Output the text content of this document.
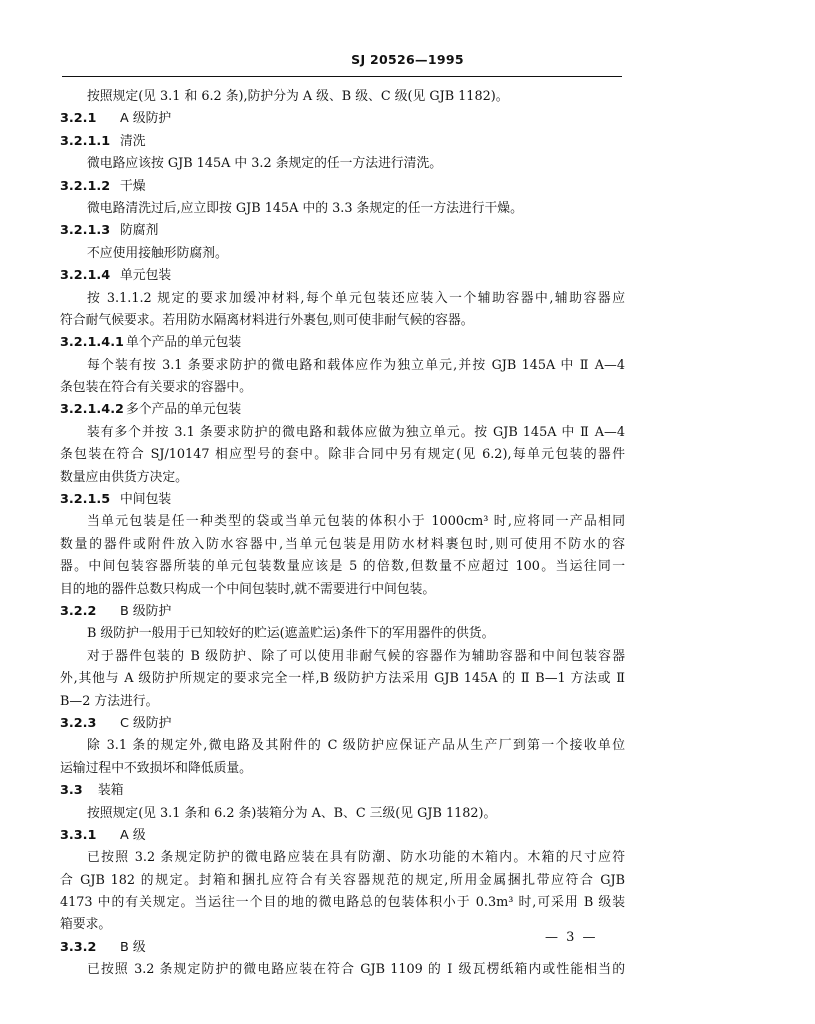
SJ 20526—1995
按照规定(见 3.1 和 6.2 条),防护分为 A 级、B 级、C 级(见 GJB 1182)。
3.2.1 A 级防护
3.2.1.1 清洗
微电路应该按 GJB 145A 中 3.2 条规定的任一方法进行清洗。
3.2.1.2 干燥
微电路清洗过后,应立即按 GJB 145A 中的 3.3 条规定的任一方法进行干燥。
3.2.1.3 防腐剂
不应使用接触形防腐剂。
3.2.1.4 单元包装
按 3.1.1.2 规定的要求加缓冲材料,每个单元包装还应装入一个辅助容器中,辅助容器应
符合耐气候要求。若用防水隔离材料进行外裹包,则可使非耐气候的容器。
3.2.1.4.1 单个产品的单元包装
每个装有按 3.1 条要求防护的微电路和载体应作为独立单元,并按 GJB 145A 中 Ⅱ A—4
条包装在符合有关要求的容器中。
3.2.1.4.2 多个产品的单元包装
装有多个并按 3.1 条要求防护的微电路和载体应做为独立单元。按 GJB 145A 中 Ⅱ A—4
条包装在符合 SJ/10147 相应型号的套中。除非合同中另有规定(见 6.2),每单元包装的器件
数量应由供货方决定。
3.2.1.5 中间包装
当单元包装是任一种类型的袋或当单元包装的体积小于 1000cm³ 时,应将同一产品相同
数量的器件或附件放入防水容器中,当单元包装是用防水材料裹包时,则可使用不防水的容
器。中间包装容器所装的单元包装数量应该是 5 的倍数,但数量不应超过 100。当运往同一
目的地的器件总数只构成一个中间包装时,就不需要进行中间包装。
3.2.2 B 级防护
B 级防护一般用于已知较好的贮运(遮盖贮运)条件下的军用器件的供货。
对于器件包装的 B 级防护、除了可以使用非耐气候的容器作为辅助容器和中间包装容器
外,其他与 A 级防护所规定的要求完全一样,B 级防护方法采用 GJB 145A 的 Ⅱ B—1 方法或 Ⅱ
B—2 方法进行。
3.2.3 C 级防护
除 3.1 条的规定外,微电路及其附件的 C 级防护应保证产品从生产厂到第一个接收单位
运输过程中不致损坏和降低质量。
3.3 装箱
按照规定(见 3.1 条和 6.2 条)装箱分为 A、B、C 三级(见 GJB 1182)。
3.3.1 A 级
已按照 3.2 条规定防护的微电路应装在具有防潮、防水功能的木箱内。木箱的尺寸应符
合 GJB 182 的规定。封箱和捆扎应符合有关容器规范的规定,所用金属捆扎带应符合 GJB
4173 中的有关规定。当运往一个目的地的微电路总的包装体积小于 0.3m³ 时,可采用 B 级装
箱要求。
3.3.2 B 级
已按照 3.2 条规定防护的微电路应装在符合 GJB 1109 的 Ⅰ 级瓦楞纸箱内或性能相当的
— 3 —
